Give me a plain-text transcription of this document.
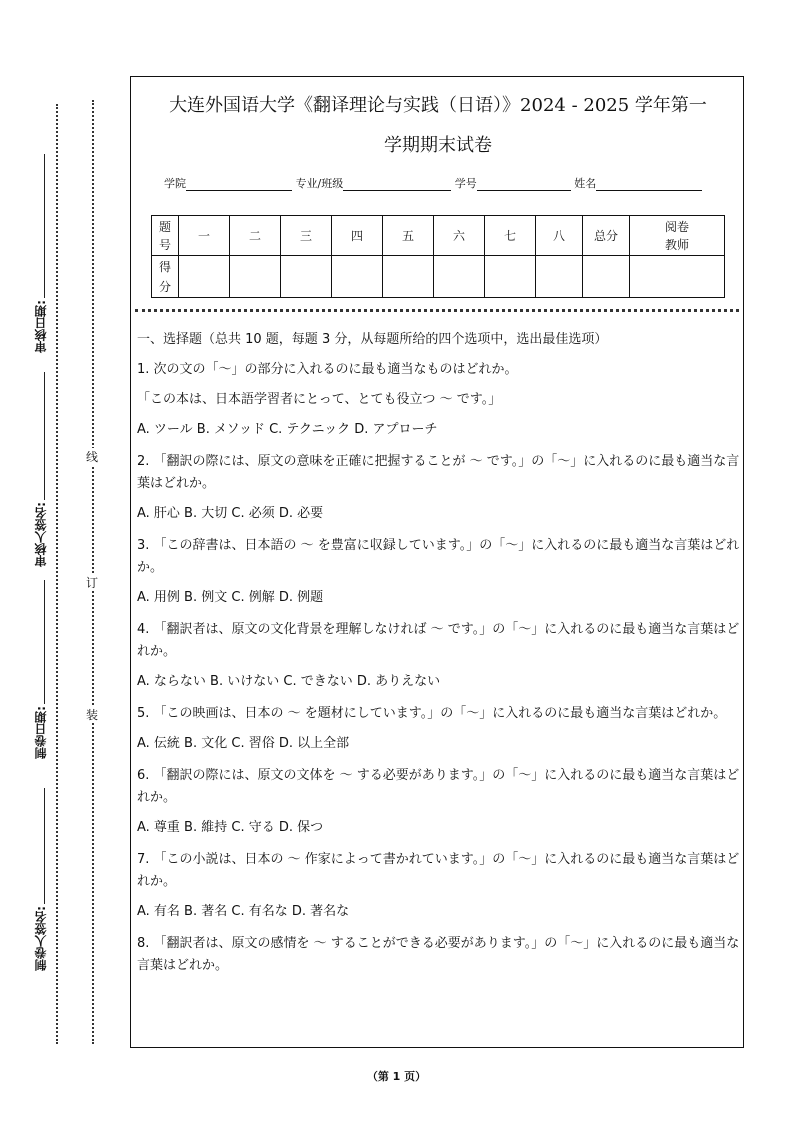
审核日期:
审核人签名:
制卷日期:
制卷人签名:
线
订
装
大连外国语大学《翻译理论与实践（日语）》2024 - 2025 学年第一
学期期末试卷
学院	专业/班级	学号	姓名
题
号	一	二	三	四	五	六	七	八	总分	阅卷
教师
得
分										

一、选择题（总共 10 题，每题 3 分，从每题所给的四个选项中，选出最佳选项）

1. 次の文の「～」の部分に入れるのに最も適当なものはどれか。

「この本は、日本語学習者にとって、とても役立つ ～ です。」

A. ツール B. メソッド C. テクニック D. アプローチ

2. 「翻訳の際には、原文の意味を正確に把握することが ～ です。」の「～」に入れるのに最も適当な言葉はどれか。

A. 肝心 B. 大切 C. 必须 D. 必要

3. 「この辞書は、日本語の ～ を豊富に収録しています。」の「～」に入れるのに最も適当な言葉はどれか。

A. 用例 B. 例文 C. 例解 D. 例题

4. 「翻訳者は、原文の文化背景を理解しなければ ～ です。」の「～」に入れるのに最も適当な言葉はどれか。

A. ならない B. いけない C. できない D. ありえない

5. 「この映画は、日本の ～ を題材にしています。」の「～」に入れるのに最も適当な言葉はどれか。

A. 伝統 B. 文化 C. 習俗 D. 以上全部

6. 「翻訳の際には、原文の文体を ～ する必要があります。」の「～」に入れるのに最も適当な言葉はどれか。

A. 尊重 B. 維持 C. 守る D. 保つ

7. 「この小説は、日本の ～ 作家によって書かれています。」の「～」に入れるのに最も適当な言葉はどれか。

A. 有名 B. 著名 C. 有名な D. 著名な

8. 「翻訳者は、原文の感情を ～ することができる必要があります。」の「～」に入れるのに最も適当な言葉はどれか。

（第 1 页）
